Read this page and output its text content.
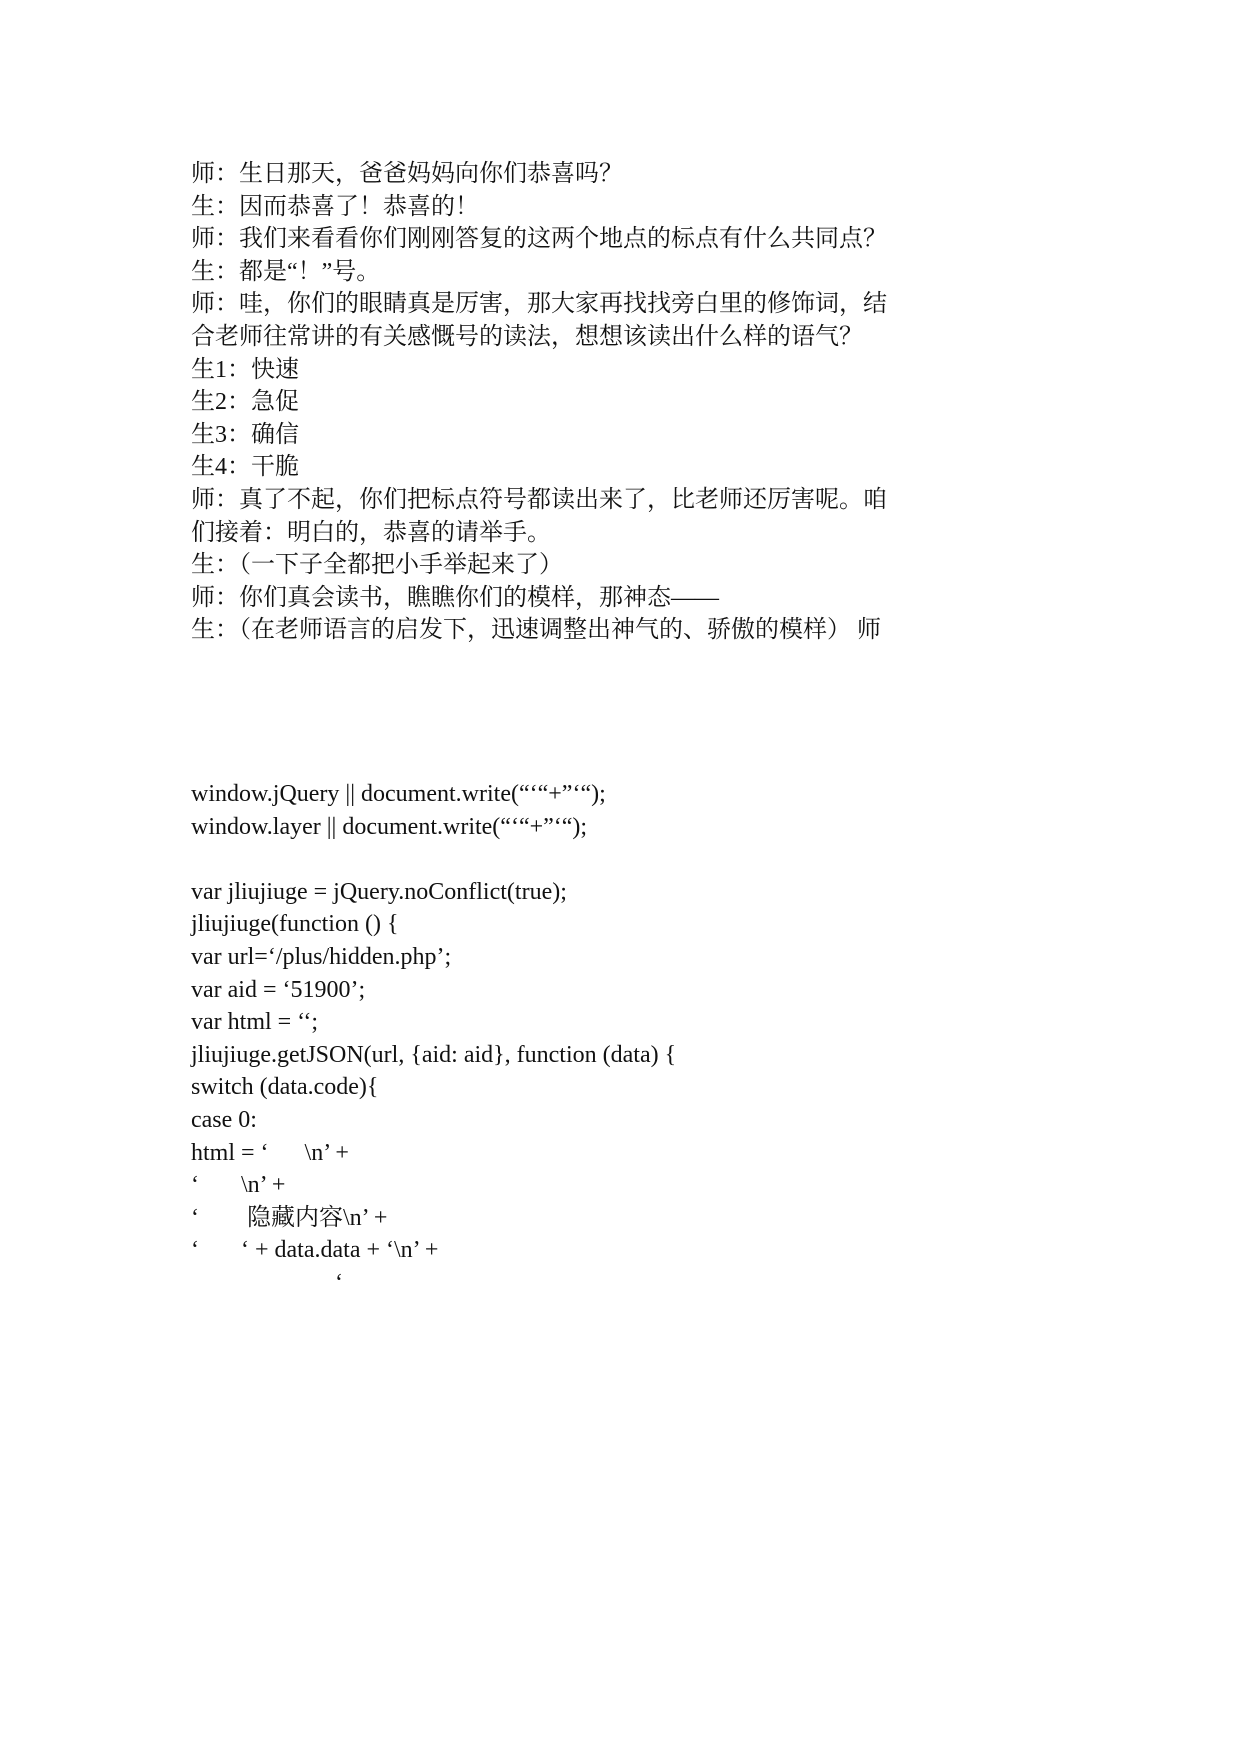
师：生日那天，爸爸妈妈向你们恭喜吗？
生：因而恭喜了！恭喜的！
师：我们来看看你们刚刚答复的这两个地点的标点有什么共同点？
生：都是“！”号。
师：哇，你们的眼睛真是厉害，那大家再找找旁白里的修饰词，结
合老师往常讲的有关感慨号的读法，想想该读出什么样的语气？
生1：快速
生2：急促
生3：确信
生4：干脆
师：真了不起，你们把标点符号都读出来了，比老师还厉害呢。咱
们接着：明白的，恭喜的请举手。
生：（一下子全都把小手举起来了）
师：你们真会读书，瞧瞧你们的模样，那神态——
生：（在老师语言的启发下，迅速调整出神气的、骄傲的模样） 师
window.jQuery || document.write(“‘“+”‘“);
window.layer || document.write(“‘“+”‘“);
var jliujiuge = jQuery.noConflict(true);
jliujiuge(function () {
var url=‘/plus/hidden.php’;
var aid = ‘51900’;
var html = ‘‘;
jliujiuge.getJSON(url, {aid: aid}, function (data) {
switch (data.code){
case 0:
html = ‘      \n’ +
‘       \n’ +
‘        隐藏内容\n’ +
‘       ‘ + data.data + ‘\n’ +
‘
